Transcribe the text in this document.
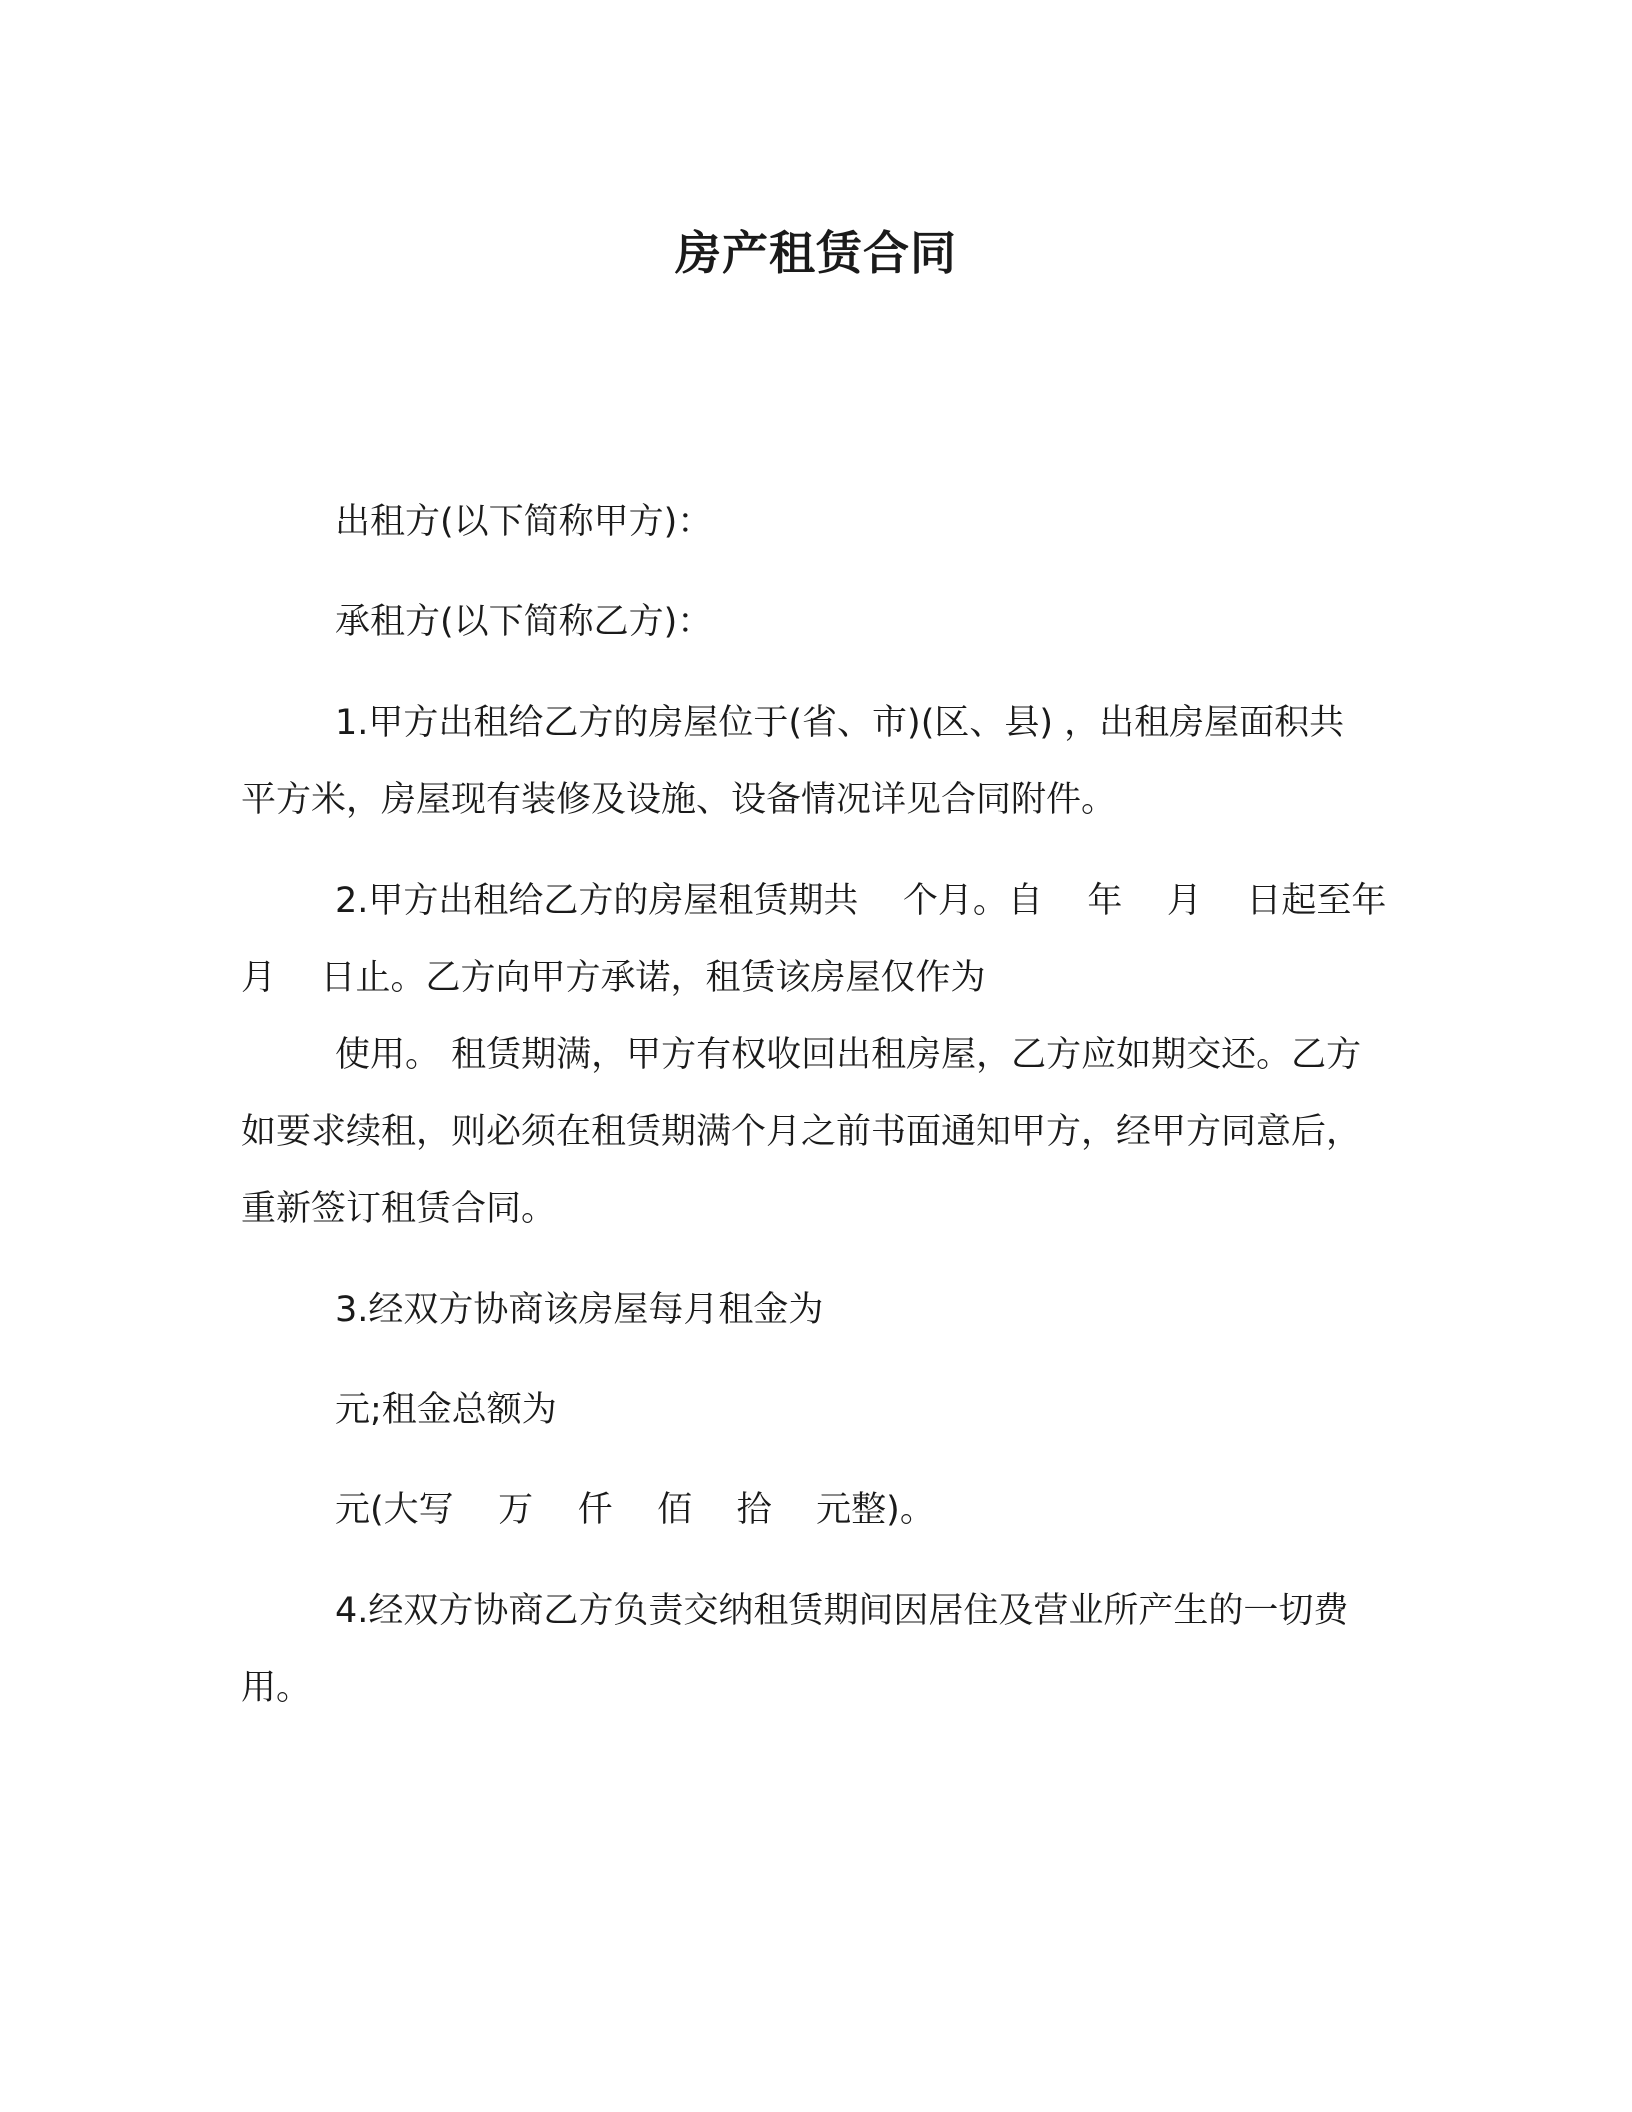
房产租赁合同

出租方(以下简称甲方)：

承租方(以下简称乙方)：

1.甲方出租给乙方的房屋位于(省、市)(区、县) ，出租房屋面积共    平方米，房屋现有装修及设施、设备情况详见合同附件。

2.甲方出租给乙方的房屋租赁期共    个月。自    年    月    日起至年    月    日止。乙方向甲方承诺，租赁该房屋仅作为

使用。 租赁期满，甲方有权收回出租房屋，乙方应如期交还。乙方如要求续租，则必须在租赁期满个月之前书面通知甲方，经甲方同意后，重新签订租赁合同。

3.经双方协商该房屋每月租金为

元;租金总额为

元(大写    万    仟    佰    拾    元整)。

4.经双方协商乙方负责交纳租赁期间因居住及营业所产生的一切费用。
